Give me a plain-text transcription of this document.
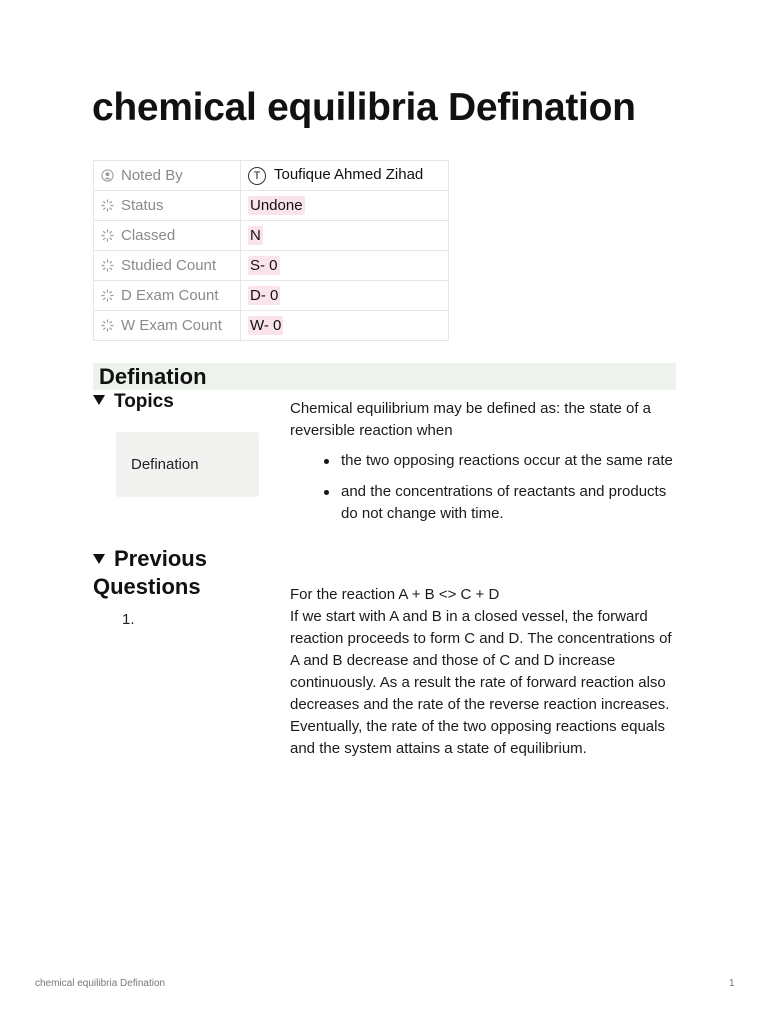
chemical equilibria Defination
Noted By	T Toufique Ahmed Zihad
Status	Undone
Classed	N
Studied Count	S- 0
D Exam Count	D- 0
W Exam Count	W- 0
Defination
Topics
Defination
Previous Questions
1.

Chemical equilibrium may be defined as: the state of a reversible reaction when

the two opposing reactions occur at the same rate
and the concentrations of reactants and products do not change with time.
For the reaction A + B <> C + D
If we start with A and B in a closed vessel, the forward reaction proceeds to form C and D. The concentrations of A and B decrease and those of C and D increase continuously. As a result the rate of forward reaction also decreases and the rate of the reverse reaction increases. Eventually, the rate of the two opposing reactions equals and the system attains a state of equilibrium.
chemical equilibria Defination	1
